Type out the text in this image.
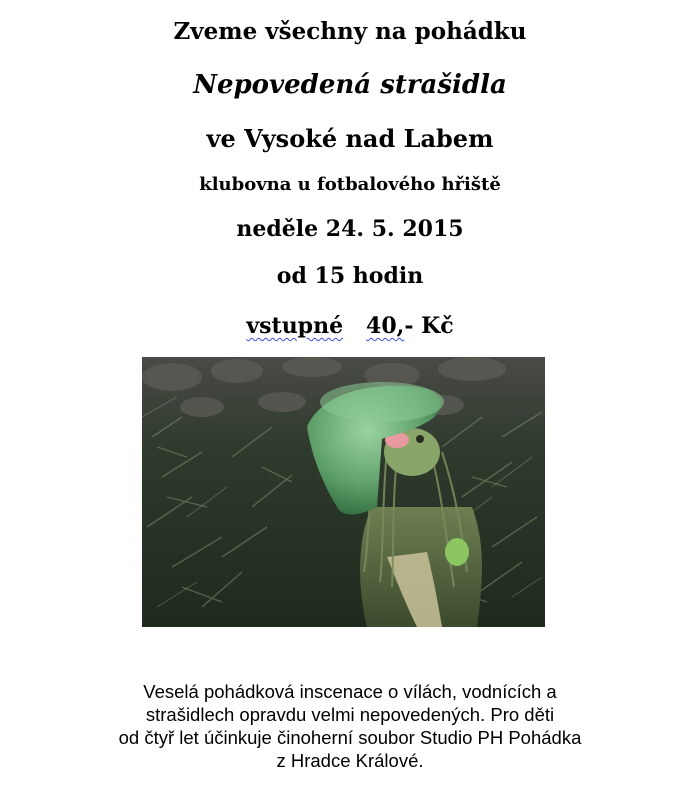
Zveme všechny na pohádku
Nepovedená strašidla
ve Vysoké nad Labem
klubovna u fotbalového hřiště
neděle 24. 5. 2015
od 15 hodin
vstupné 40,- Kč
Veselá pohádková inscenace o vílách, vodnících a
strašidlech opravdu velmi nepovedených. Pro děti
od čtyř let účinkuje činoherní soubor Studio PH Pohádka
z Hradce Králové.
